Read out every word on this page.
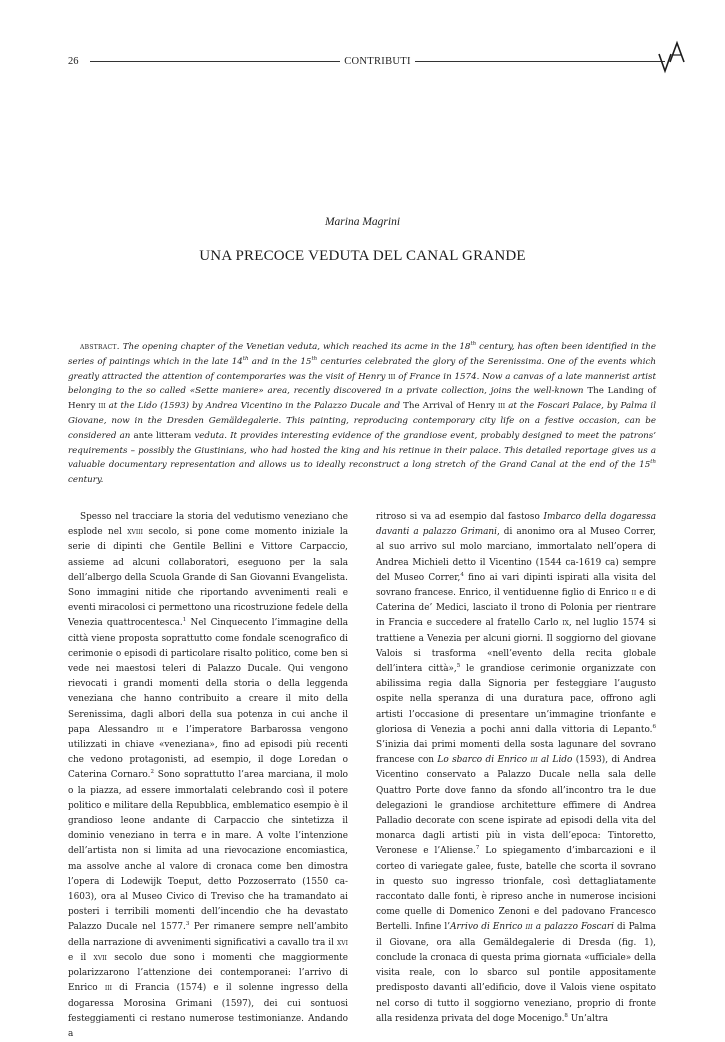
26	CONTRIBUTI
Marina Magrini
UNA PRECOCE VEDUTA DEL CANAL GRANDE
abstract. The opening chapter of the Venetian veduta, which reached its acme in the 18th century, has often been identified in the series of paintings which in the late 14th and in the 15th centuries celebrated the glory of the Serenissima. One of the events which greatly attracted the attention of contemporaries was the visit of Henry iii of France in 1574. Now a canvas of a late mannerist artist belonging to the so called «Sette maniere» area, recently discovered in a private collection, joins the well-known The Landing of Henry iii at the Lido (1593) by Andrea Vicentino in the Palazzo Ducale and The Arrival of Henry iii at the Foscari Palace, by Palma il Giovane, now in the Dresden Gemäldegalerie. This painting, reproducing contemporary city life on a festive occasion, can be considered an ante litteram veduta. It provides interesting evidence of the grandiose event, probably designed to meet the patrons’ requirements – possibly the Giustinians, who had hosted the king and his retinue in their palace. This detailed reportage gives us a valuable documentary representation and allows us to ideally reconstruct a long stretch of the Grand Canal at the end of the 15th century.
Spesso nel tracciare la storia del vedutismo veneziano che esplode nel xviii secolo, si pone come momento iniziale la serie di dipinti che Gentile Bellini e Vittore Carpaccio, assieme ad alcuni collaboratori, eseguono per la sala dell’albergo della Scuola Grande di San Giovanni Evangelista. Sono immagini nitide che riportando avvenimenti reali e eventi miracolosi ci permettono una ricostruzione fedele della Venezia quattrocentesca.$^1$ Nel Cinquecento l’immagine della città viene proposta soprattutto come fondale scenografico di cerimonie o episodi di particolare risalto politico, come ben si vede nei maestosi teleri di Palazzo Ducale. Qui vengono rievocati i grandi momenti della storia o della leggenda veneziana che hanno contribuito a creare il mito della Serenissima, dagli albori della sua potenza in cui anche il papa Alessandro iii e l’imperatore Barbarossa vengono utilizzati in chiave «veneziana», fino ad episodi più recenti che vedono protagonisti, ad esempio, il doge Loredan o Caterina Cornaro.$^2$ Sono soprattutto l’area marciana, il molo o la piazza, ad essere immortalati celebrando così il potere politico e militare della Repubblica, emblematico esempio è il grandioso leone andante di Carpaccio che sintetizza il dominio veneziano in terra e in mare. A volte l’intenzione dell’artista non si limita ad una rievocazione encomiastica, ma assolve anche al valore di cronaca come ben dimostra l’opera di Lodewijk Toeput, detto Pozzoserrato (1550 ca-1603), ora al Museo Civico di Treviso che ha tramandato ai posteri i terribili momenti dell’incendio che ha devastato Palazzo Ducale nel 1577.$^3$ Per rimanere sempre nell’ambito della narrazione di avvenimenti significativi a cavallo tra il xvi e il xvii secolo due sono i momenti che maggiormente polarizzarono l’attenzione dei contemporanei: l’arrivo di Enrico iii di Francia (1574) e il solenne ingresso della dogaressa Morosina Grimani (1597), dei cui sontuosi festeggiamenti ci restano numerose testimonianze. Andando a
ritroso si va ad esempio dal fastoso Imbarco della dogaressa davanti a palazzo Grimani, di anonimo ora al Museo Correr, al suo arrivo sul molo marciano, immortalato nell’opera di Andrea Michieli detto il Vicentino (1544 ca-1619 ca) sempre del Museo Correr,$^4$ fino ai vari dipinti ispirati alla visita del sovrano francese. Enrico, il ventiduenne figlio di Enrico ii e di Caterina de’ Medici, lasciato il trono di Polonia per rientrare in Francia e succedere al fratello Carlo ix, nel luglio 1574 si trattiene a Venezia per alcuni giorni. Il soggiorno del giovane Valois si trasforma «nell’evento della recita globale dell’intera città»,$^5$ le grandiose cerimonie organizzate con abilissima regia dalla Signoria per festeggiare l’augusto ospite nella speranza di una duratura pace, offrono agli artisti l’occasione di presentare un’immagine trionfante e gloriosa di Venezia a pochi anni dalla vittoria di Lepanto.$^6$ S’inizia dai primi momenti della sosta lagunare del sovrano francese con Lo sbarco di Enrico iii al Lido (1593), di Andrea Vicentino conservato a Palazzo Ducale nella sala delle Quattro Porte dove fanno da sfondo all’incontro tra le due delegazioni le grandiose architetture effimere di Andrea Palladio decorate con scene ispirate ad episodi della vita del monarca dagli artisti più in vista dell’epoca: Tintoretto, Veronese e l’Aliense.$^7$ Lo spiegamento d’imbarcazioni e il corteo di variegate galee, fuste, batelle che scorta il sovrano in questo suo ingresso trionfale, così dettagliatamente raccontato dalle fonti, è ripreso anche in numerose incisioni come quelle di Domenico Zenoni e del padovano Francesco Bertelli. Infine l’Arrivo di Enrico iii a palazzo Foscari di Palma il Giovane, ora alla Gemäldegalerie di Dresda (fig. 1), conclude la cronaca di questa prima giornata «ufficiale» della visita reale, con lo sbarco sul pontile appositamente predisposto davanti all’edificio, dove il Valois viene ospitato nel corso di tutto il soggiorno veneziano, proprio di fronte alla residenza privata del doge Mocenigo.$^8$ Un’altra
